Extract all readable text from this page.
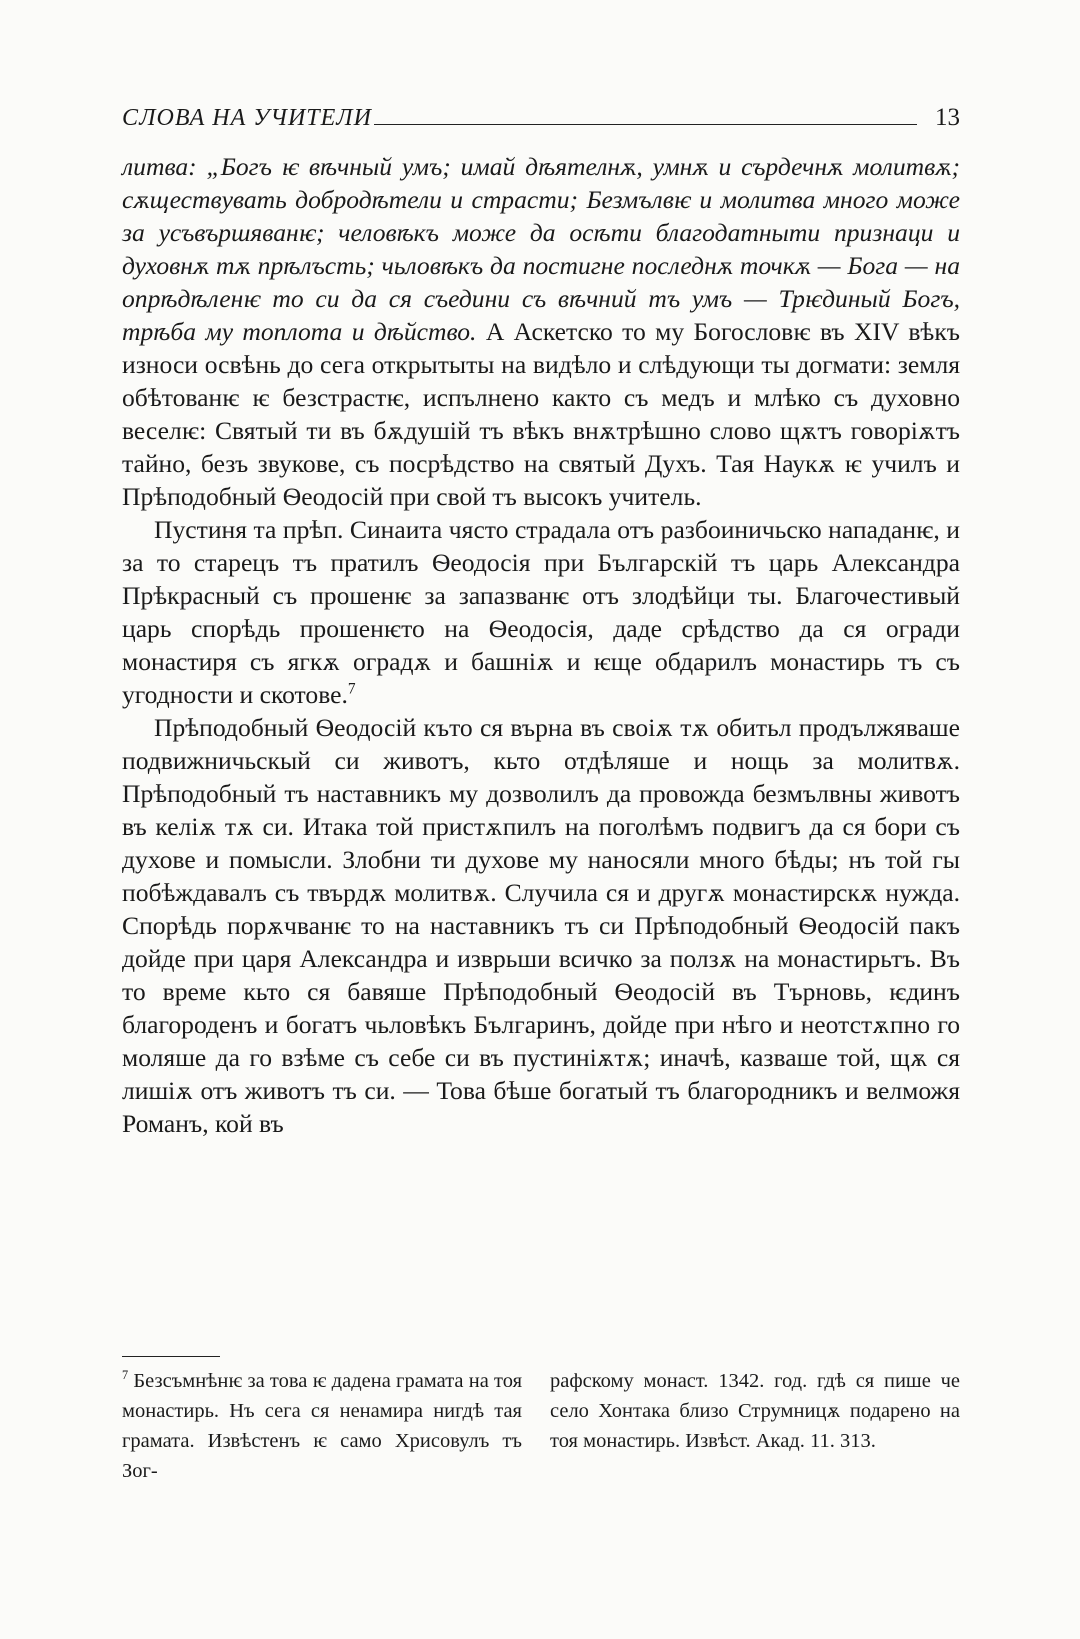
СЛОВА НА УЧИТЕЛИ	13

литва: „Богъ ѥ вѣчный умъ; имай дѣятелнѫ, умнѫ и сърдечнѫ молитвѫ; сѫществувать добродѣтели и страсти; Безмълвѥ и молитва много може за усъвършяванѥ; человѣкъ може да осѣти благодатныти признаци и духовнѫ тѫ прѣлъсть; чьловѣкъ да постигне последнѫ точкѫ — Бога — на опрѣдѣленѥ то си да ся съедини съ вѣчний тъ умъ — Трѥдиный Богъ, трѣба му топлота и дѣйство. А Аскетско то му Богословѥ въ XIV вѣкъ износи освѣнь до сега открытыты на видѣло и слѣдующи ты догмати: земля обѣтованѥ ѥ безстрастѥ, испълнено както съ медъ и млѣко съ духовно веселѥ: Святый ти въ бѫдушій тъ вѣкъ внѫтрѣшно слово щѫтъ говорiѫтъ тайно, безъ звукове, съ посрѣдство на святый Духъ. Тая Наукѫ ѥ училъ и Прѣподобный Ѳеодосій при свой тъ высокъ учитель.

Пустиня та прѣп. Синаита чясто страдала отъ разбоиничьско нападанѥ, и за то старецъ тъ пратилъ Ѳеодосія при Българскій тъ царь Александра Прѣкрасный съ прошенѥ за запазванѥ отъ злодѣйци ты. Благочестивый царь спорѣдь прошенѥто на Ѳеодосія, даде срѣдство да ся огради монастиря съ ягкѫ оградѫ и башнiѫ и ѥще обдарилъ монастирь тъ съ угодности и скотове.$^7$

Прѣподобный Ѳеодосій къто ся върна въ своiѫ тѫ обитьл продължяваше подвижничьскый си животъ, кьто отдѣляше и нощь за молитвѫ. Прѣподобный тъ наставникъ му дозволилъ да провожда безмълвны животъ въ келiѫ тѫ си. Итака той пристѫпилъ на поголѣмъ подвигъ да ся бори съ духове и помысли. Злобни ти духове му наносяли много бѣды; нъ той гы побѣждавалъ съ твърдѫ молитвѫ. Случила ся и другѫ монастирскѫ нужда. Спорѣдь порѫчванѥ то на наставникъ тъ си Прѣподобный Ѳеодосій пакъ дойде при царя Александра и изврьши всичко за ползѫ на монастирьтъ. Въ то време кьто ся бавяше Прѣподобный Ѳеодосій въ Търновь, ѥдинъ благороденъ и богатъ чьловѣкъ Българинъ, дойде при нѣго и неотстѫпно го моляше да го взѣме съ себе си въ пустинiѫтѫ; иначѣ, казваше той, щѫ ся лишiѫ отъ животъ тъ си. — Това бѣше богатый тъ благородникъ и велможя Романъ, кой въ

$^7$ Безсъмнѣнѥ за това ѥ дадена грамата на тоя монастирь. Нъ сега ся ненамира нигдѣ тая грамата. Извѣстенъ ѥ само Хрисовулъ тъ Зог-
рафскому монаст. 1342. год. гдѣ ся пише че село Хонтака близо Струмницѫ подарено на тоя монастирь. Извѣст. Акад. 11. 313.
